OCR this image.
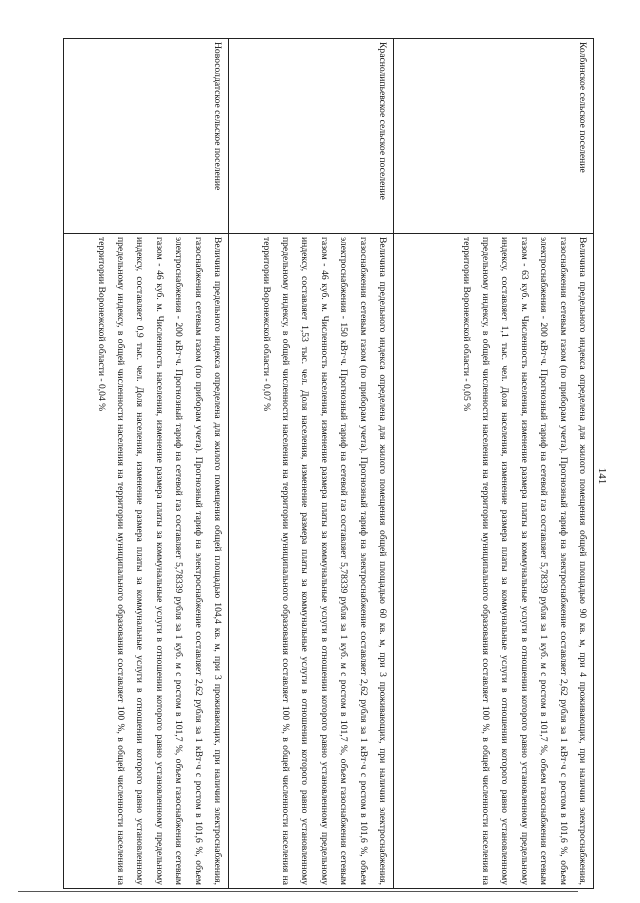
141
Колбинское сельское поселение	Величина предельного индекса определена для жилого помещения общей площадью 90 кв. м, при 4 проживающих, при наличии электроснабжения, газоснабжения сетевым газом (по приборам учета). Прогнозный тариф на электроснабжение составляет 2,62 рубля за 1 кВт·ч с ростом в 101,6 %, объем электроснабжения - 200 кВт·ч. Прогнозный тариф на сетевой газ составляет 5,78339 рубля за 1 куб. м с ростом в 101,7 %, объем газоснабжения сетевым газом - 63 куб. м. Численность населения, изменение размера платы за коммунальные услуги в отношении которого равно установленному предельному индексу, составляет 1,1 тыс. чел. Доля населения, изменение размера платы за коммунальные услуги в отношении которого равно установленному предельному индексу, в общей численности населения на территории муниципального образования составляет 100 %, в общей численности населения на территории Воронежской области - 0,05 %
Краснолипьевское сельское поселение	Величина предельного индекса определена для жилого помещения общей площадью 60 кв. м, при 3 проживающих, при наличии электроснабжения, газоснабжения сетевым газом (по приборам учета). Прогнозный тариф на электроснабжение составляет 2,62 рубля за 1 кВт·ч с ростом в 101,6 %, объем электроснабжения - 150 кВт·ч. Прогнозный тариф на сетевой газ составляет 5,78339 рубля за 1 куб. м с ростом в 101,7 %, объем газоснабжения сетевым газом - 46 куб. м. Численность населения, изменение размера платы за коммунальные услуги в отношении которого равно установленному предельному индексу, составляет 1,53 тыс. чел. Доля населения, изменение размера платы за коммунальные услуги в отношении которого равно установленному предельному индексу, в общей численности населения на территории муниципального образования составляет 100 %, в общей численности населения на территории Воронежской области - 0,07 %
Новосолдатское сельское поселение	Величина предельного индекса определена для жилого помещения общей площадью 104,4 кв. м, при 3 проживающих, при наличии электроснабжения, газоснабжения сетевым газом (по приборам учета). Прогнозный тариф на электроснабжение составляет 2,62 рубля за 1 кВт·ч с ростом в 101,6 %, объем электроснабжения - 200 кВт·ч. Прогнозный тариф на сетевой газ составляет 5,78339 рубля за 1 куб. м с ростом в 101,7 %, объем газоснабжения сетевым газом - 46 куб. м. Численность населения, изменение размера платы за коммунальные услуги в отношении которого равно установленному предельному индексу, составляет 0,9 тыс. чел. Доля населения, изменение размера платы за коммунальные услуги в отношении которого равно установленному предельному индексу, в общей численности населения на территории муниципального образования составляет 100 %, в общей численности населения на территории Воронежской области - 0,04 %
